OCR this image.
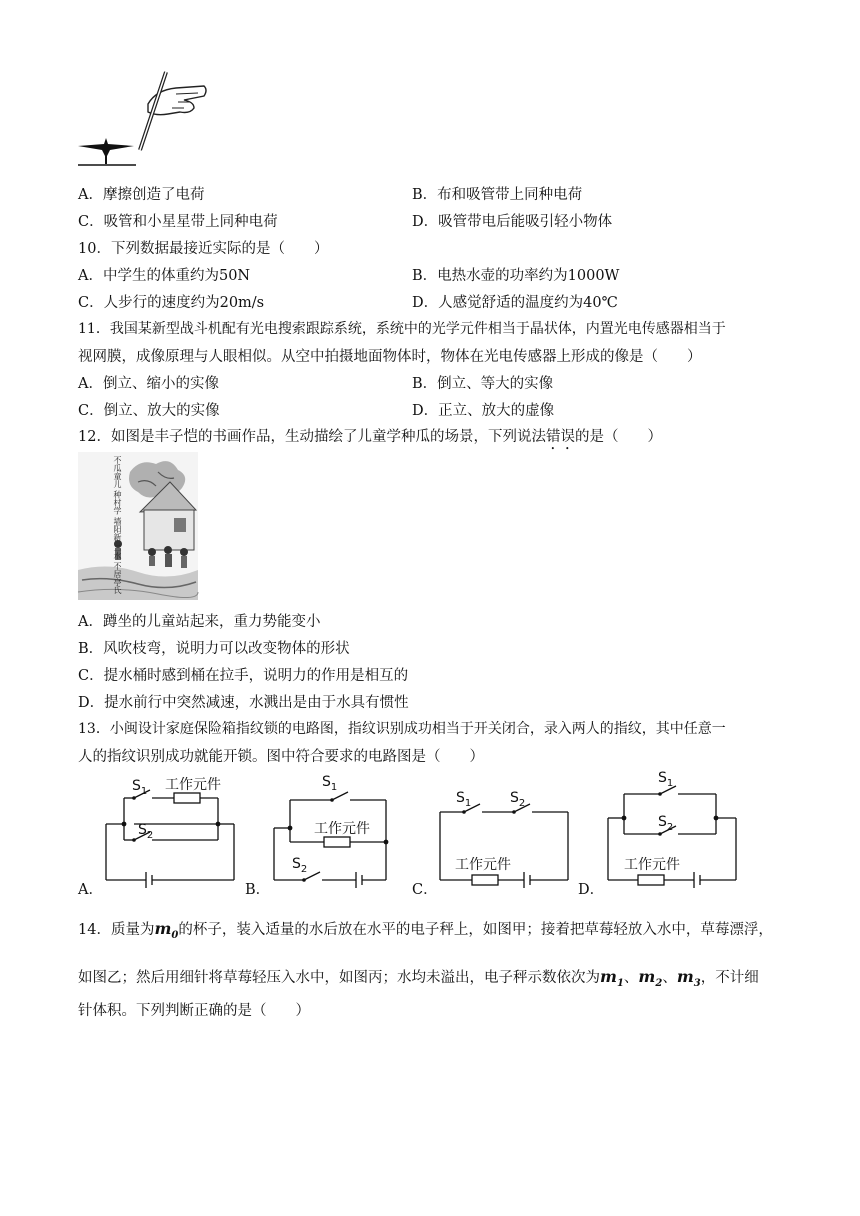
A．摩擦创造了电荷	B．布和吸管带上同种电荷
C．吸管和小星星带上同种电荷	D．吸管带电后能吸引轻小物体
10．下列数据最接近实际的是（　　）
A．中学生的体重约为50N	B．电热水壶的功率约为1000W
C．人步行的速度约为20m/s	D．人感觉舒适的温度约为40℃
11．我国某新型战斗机配有光电搜索跟踪系统，系统中的光学元件相当于晶状体，内置光电传感器相当于
视网膜，成像原理与人眼相似。从空中拍摄地面物体时，物体在光电传感器上形成的像是（　　）
A．倒立、缩小的实像	B．倒立、等大的实像
C．倒立、放大的实像	D．正立、放大的虚像
12．如图是丰子恺的书画作品，生动描绘了儿童学种瓜的场景，下列说法错误的是（　　）
不瓜童儿 种村学 墙阳新 二水 不居亭氏
A．蹲坐的儿童站起来，重力势能变小
B．风吹枝弯，说明力可以改变物体的形状
C．提水桶时感到桶在拉手，说明力的作用是相互的
D．提水前行中突然减速，水溅出是由于水具有惯性
13．小闽设计家庭保险箱指纹锁的电路图，指纹识别成功相当于开关闭合，录入两人的指纹，其中任意一
人的指纹识别成功就能开锁。图中符合要求的电路图是（　　）
$S_1$ 工作元件
$S_2$
A．
$S_1$
工作元件
$S_2$
B．
$S_1$	$S_2$
工作元件
C．
$S_1$
$S_2$
工作元件
D．
14．质量为$m_0$的杯子，装入适量的水后放在水平的电子秤上，如图甲；接着把草莓轻放入水中，草莓漂浮，
如图乙；然后用细针将草莓轻压入水中，如图丙；水均未溢出，电子秤示数依次为$m_1$、$m_2$、$m_3$，不计细
针体积。下列判断正确的是（　　）
